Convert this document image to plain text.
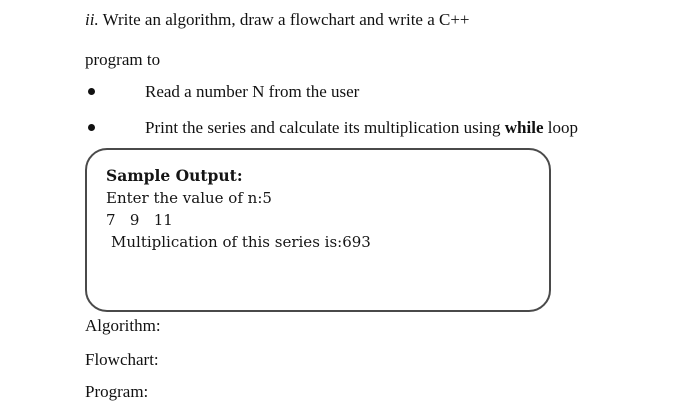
ii. Write an algorithm, draw a flowchart and write a C++
program to
Read a number N from the user
Print the series and calculate its multiplication using while loop
Sample Output:
Enter the value of n:5
7   9   11
Multiplication of this series is:693
Algorithm:
Flowchart:
Program:
